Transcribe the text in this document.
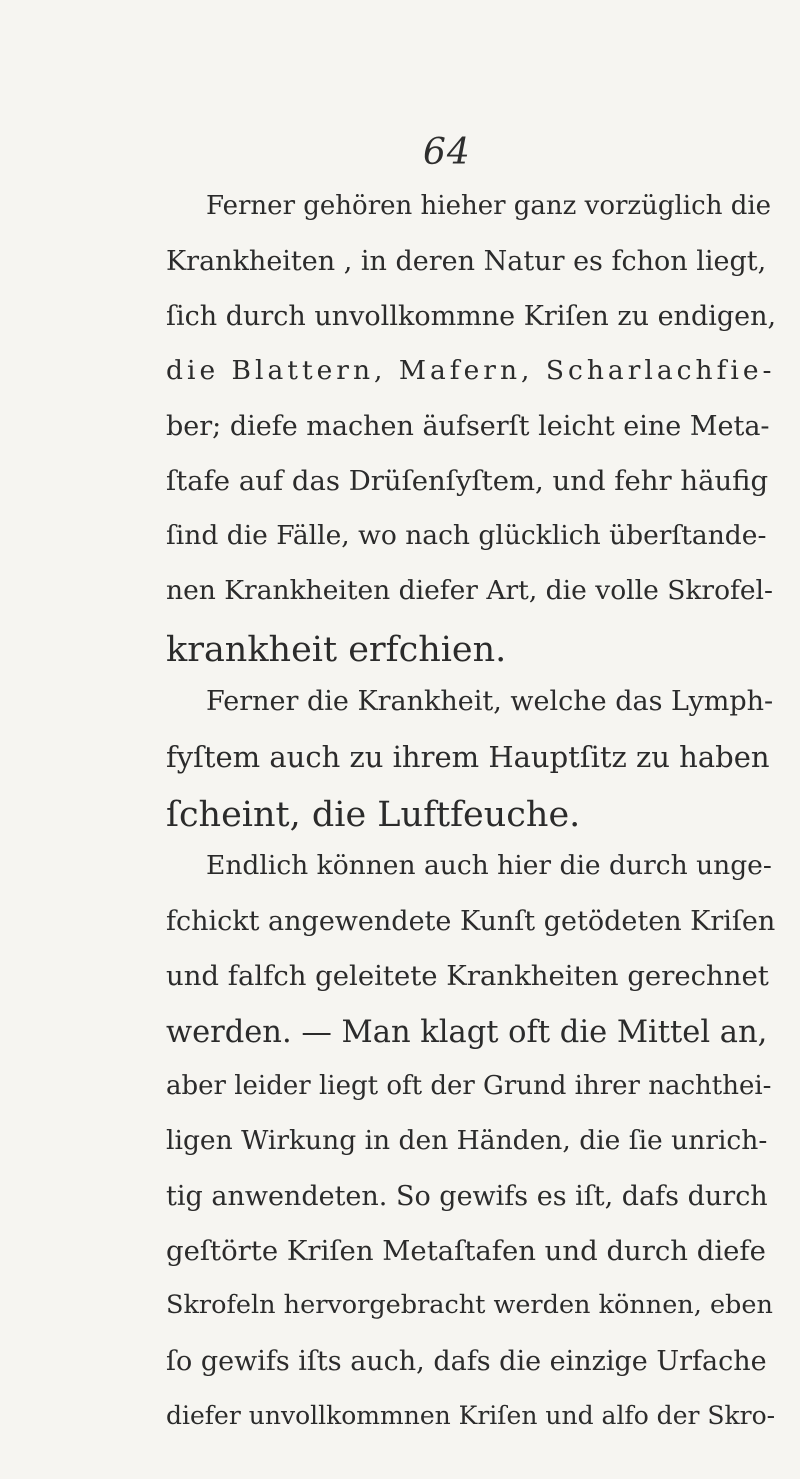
64
Ferner gehören hieher ganz vorzüglich die
Krankheiten , in deren Natur es fchon liegt,
ſich durch unvollkommne Kriſen zu endigen,
die Blattern, Mafern, Scharlachfie-
ber; diefe machen äufserſt leicht eine Meta-
ſtafe auf das Drüſenſyſtem, und fehr häufig
ſind die Fälle, wo nach glücklich überſtande-
nen Krankheiten diefer Art, die volle Skrofel-
krankheit erfchien.
Ferner die Krankheit, welche das Lymph-
fyſtem auch zu ihrem Hauptſitz zu haben
ſcheint, die Luftfeuche.
Endlich können auch hier die durch unge-
fchickt angewendete Kunſt getödeten Kriſen
und falfch geleitete Krankheiten gerechnet
werden. — Man klagt oft die Mittel an,
aber leider liegt oft der Grund ihrer nachthei-
ligen Wirkung in den Händen, die ſie unrich-
tig anwendeten. So gewifs es iſt, dafs durch
geſtörte Kriſen Metaſtafen und durch diefe
Skrofeln hervorgebracht werden können, eben
ſo gewifs iſts auch, dafs die einzige Urfache
diefer unvollkommnen Kriſen und alfo der Skro-
